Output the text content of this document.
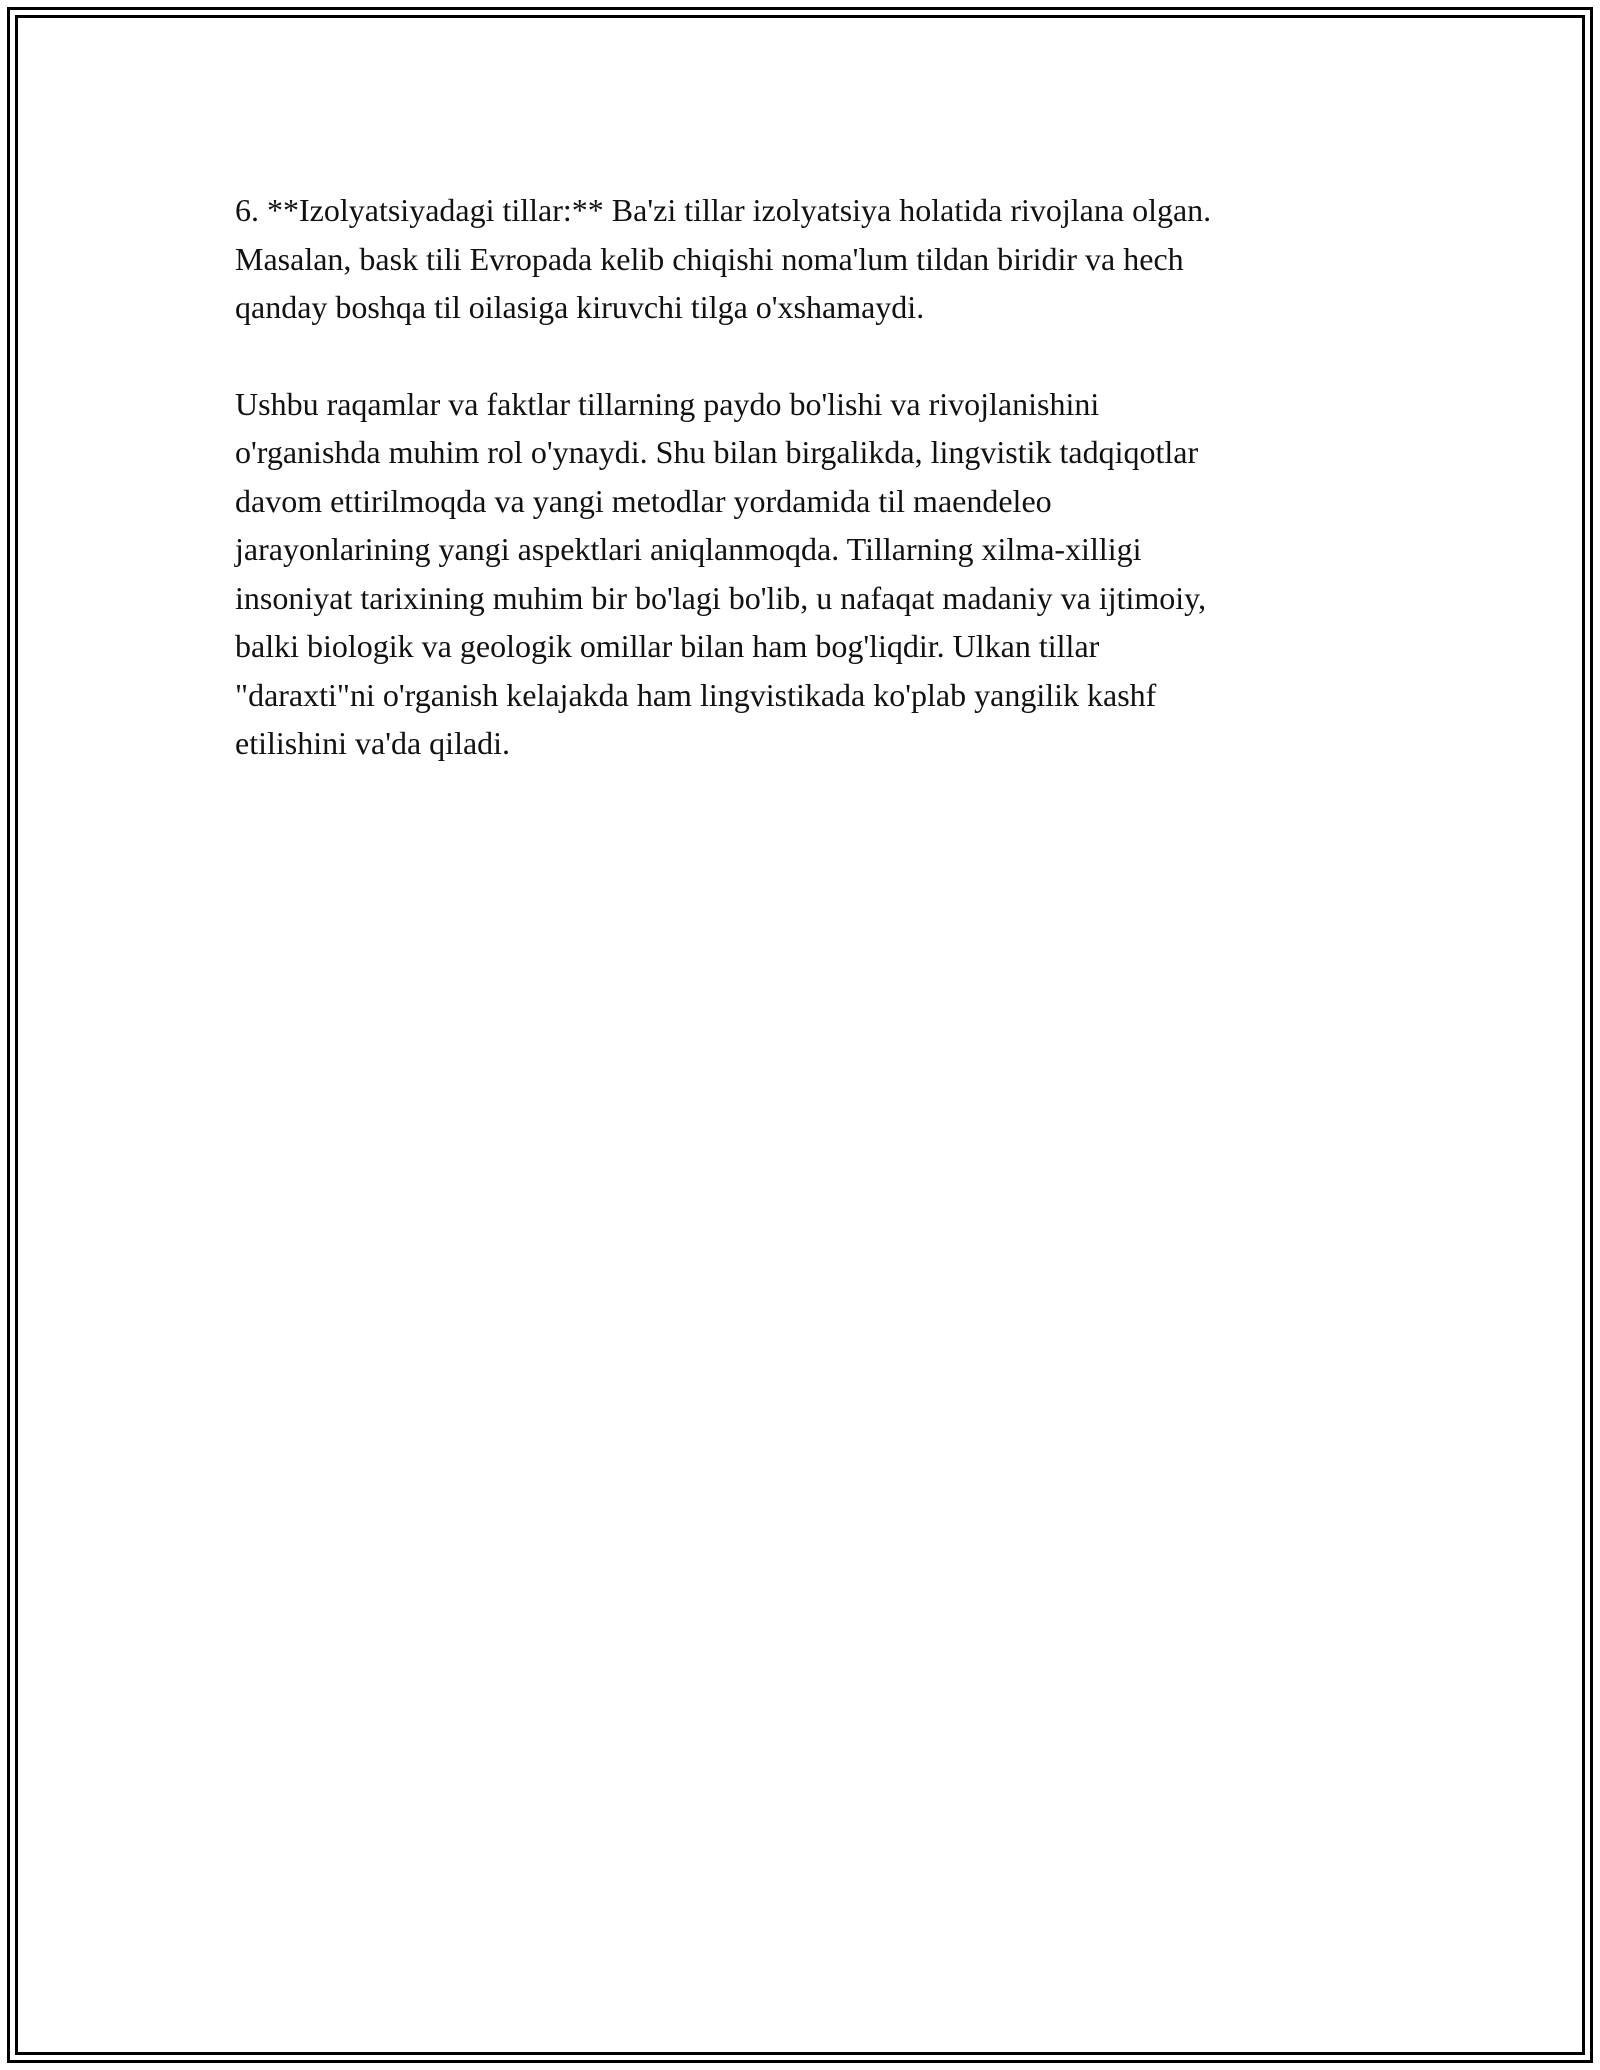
6. **Izolyatsiyadagi tillar:** Ba'zi tillar izolyatsiya holatida rivojlana olgan.
Masalan, bask tili Evropada kelib chiqishi noma'lum tildan biridir va hech
qanday boshqa til oilasiga kiruvchi tilga o'xshamaydi.

Ushbu raqamlar va faktlar tillarning paydo bo'lishi va rivojlanishini
o'rganishda muhim rol o'ynaydi. Shu bilan birgalikda, lingvistik tadqiqotlar
davom ettirilmoqda va yangi metodlar yordamida til maendeleo
jarayonlarining yangi aspektlari aniqlanmoqda. Tillarning xilma-xilligi
insoniyat tarixining muhim bir bo'lagi bo'lib, u nafaqat madaniy va ijtimoiy,
balki biologik va geologik omillar bilan ham bog'liqdir. Ulkan tillar
"daraxti"ni o'rganish kelajakda ham lingvistikada ko'plab yangilik kashf
etilishini va'da qiladi.
